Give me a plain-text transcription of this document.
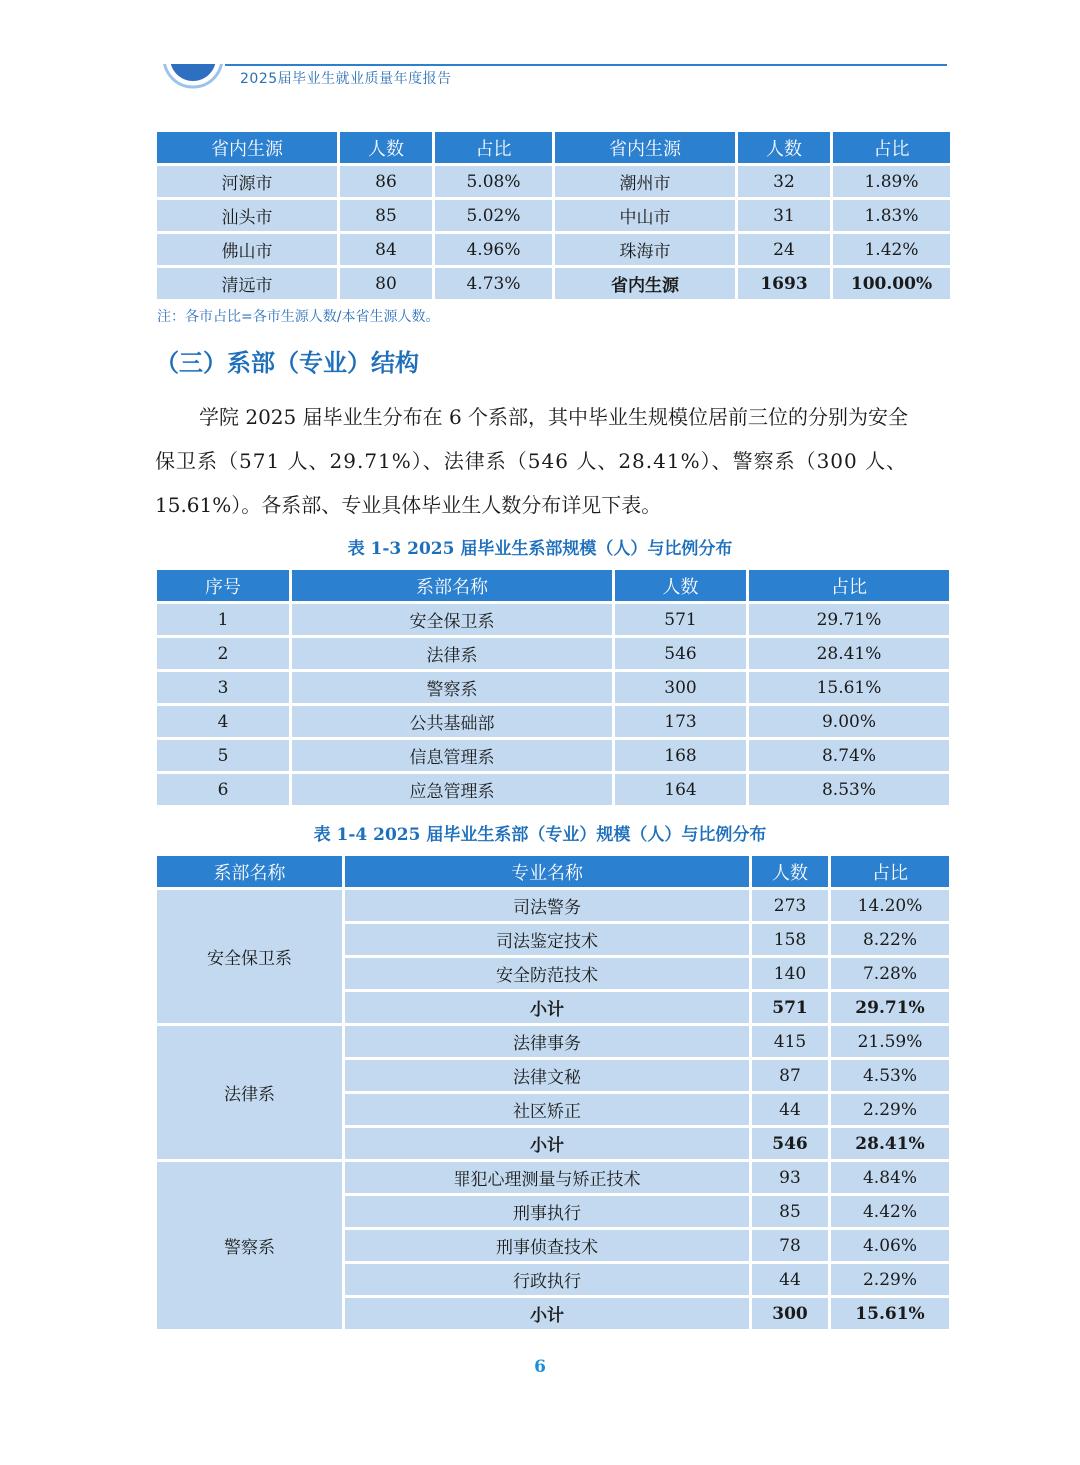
2025届毕业生就业质量年度报告
省内生源	人数	占比	省内生源	人数	占比
河源市	86	5.08%	潮州市	32	1.89%
汕头市	85	5.02%	中山市	31	1.83%
佛山市	84	4.96%	珠海市	24	1.42%
清远市	80	4.73%	省内生源	1693	100.00%
注：各市占比=各市生源人数/本省生源人数。
（三）系部（专业）结构
学院 2025 届毕业生分布在 6 个系部，其中毕业生规模位居前三位的分别为安全
保卫系（571 人、29.71%）、法律系（546 人、28.41%）、警察系（300 人、
15.61%）。各系部、专业具体毕业生人数分布详见下表。
表 1-3 2025 届毕业生系部规模（人）与比例分布
序号	系部名称	人数	占比
1	安全保卫系	571	29.71%
2	法律系	546	28.41%
3	警察系	300	15.61%
4	公共基础部	173	9.00%
5	信息管理系	168	8.74%
6	应急管理系	164	8.53%
表 1-4 2025 届毕业生系部（专业）规模（人）与比例分布
系部名称	专业名称	人数	占比
安全保卫系	司法警务	273	14.20%
	司法鉴定技术	158	8.22%
	安全防范技术	140	7.28%
	小计	571	29.71%
法律系	法律事务	415	21.59%
	法律文秘	87	4.53%
	社区矫正	44	2.29%
	小计	546	28.41%
警察系	罪犯心理测量与矫正技术	93	4.84%
	刑事执行	85	4.42%
	刑事侦查技术	78	4.06%
	行政执行	44	2.29%
	小计	300	15.61%
6
